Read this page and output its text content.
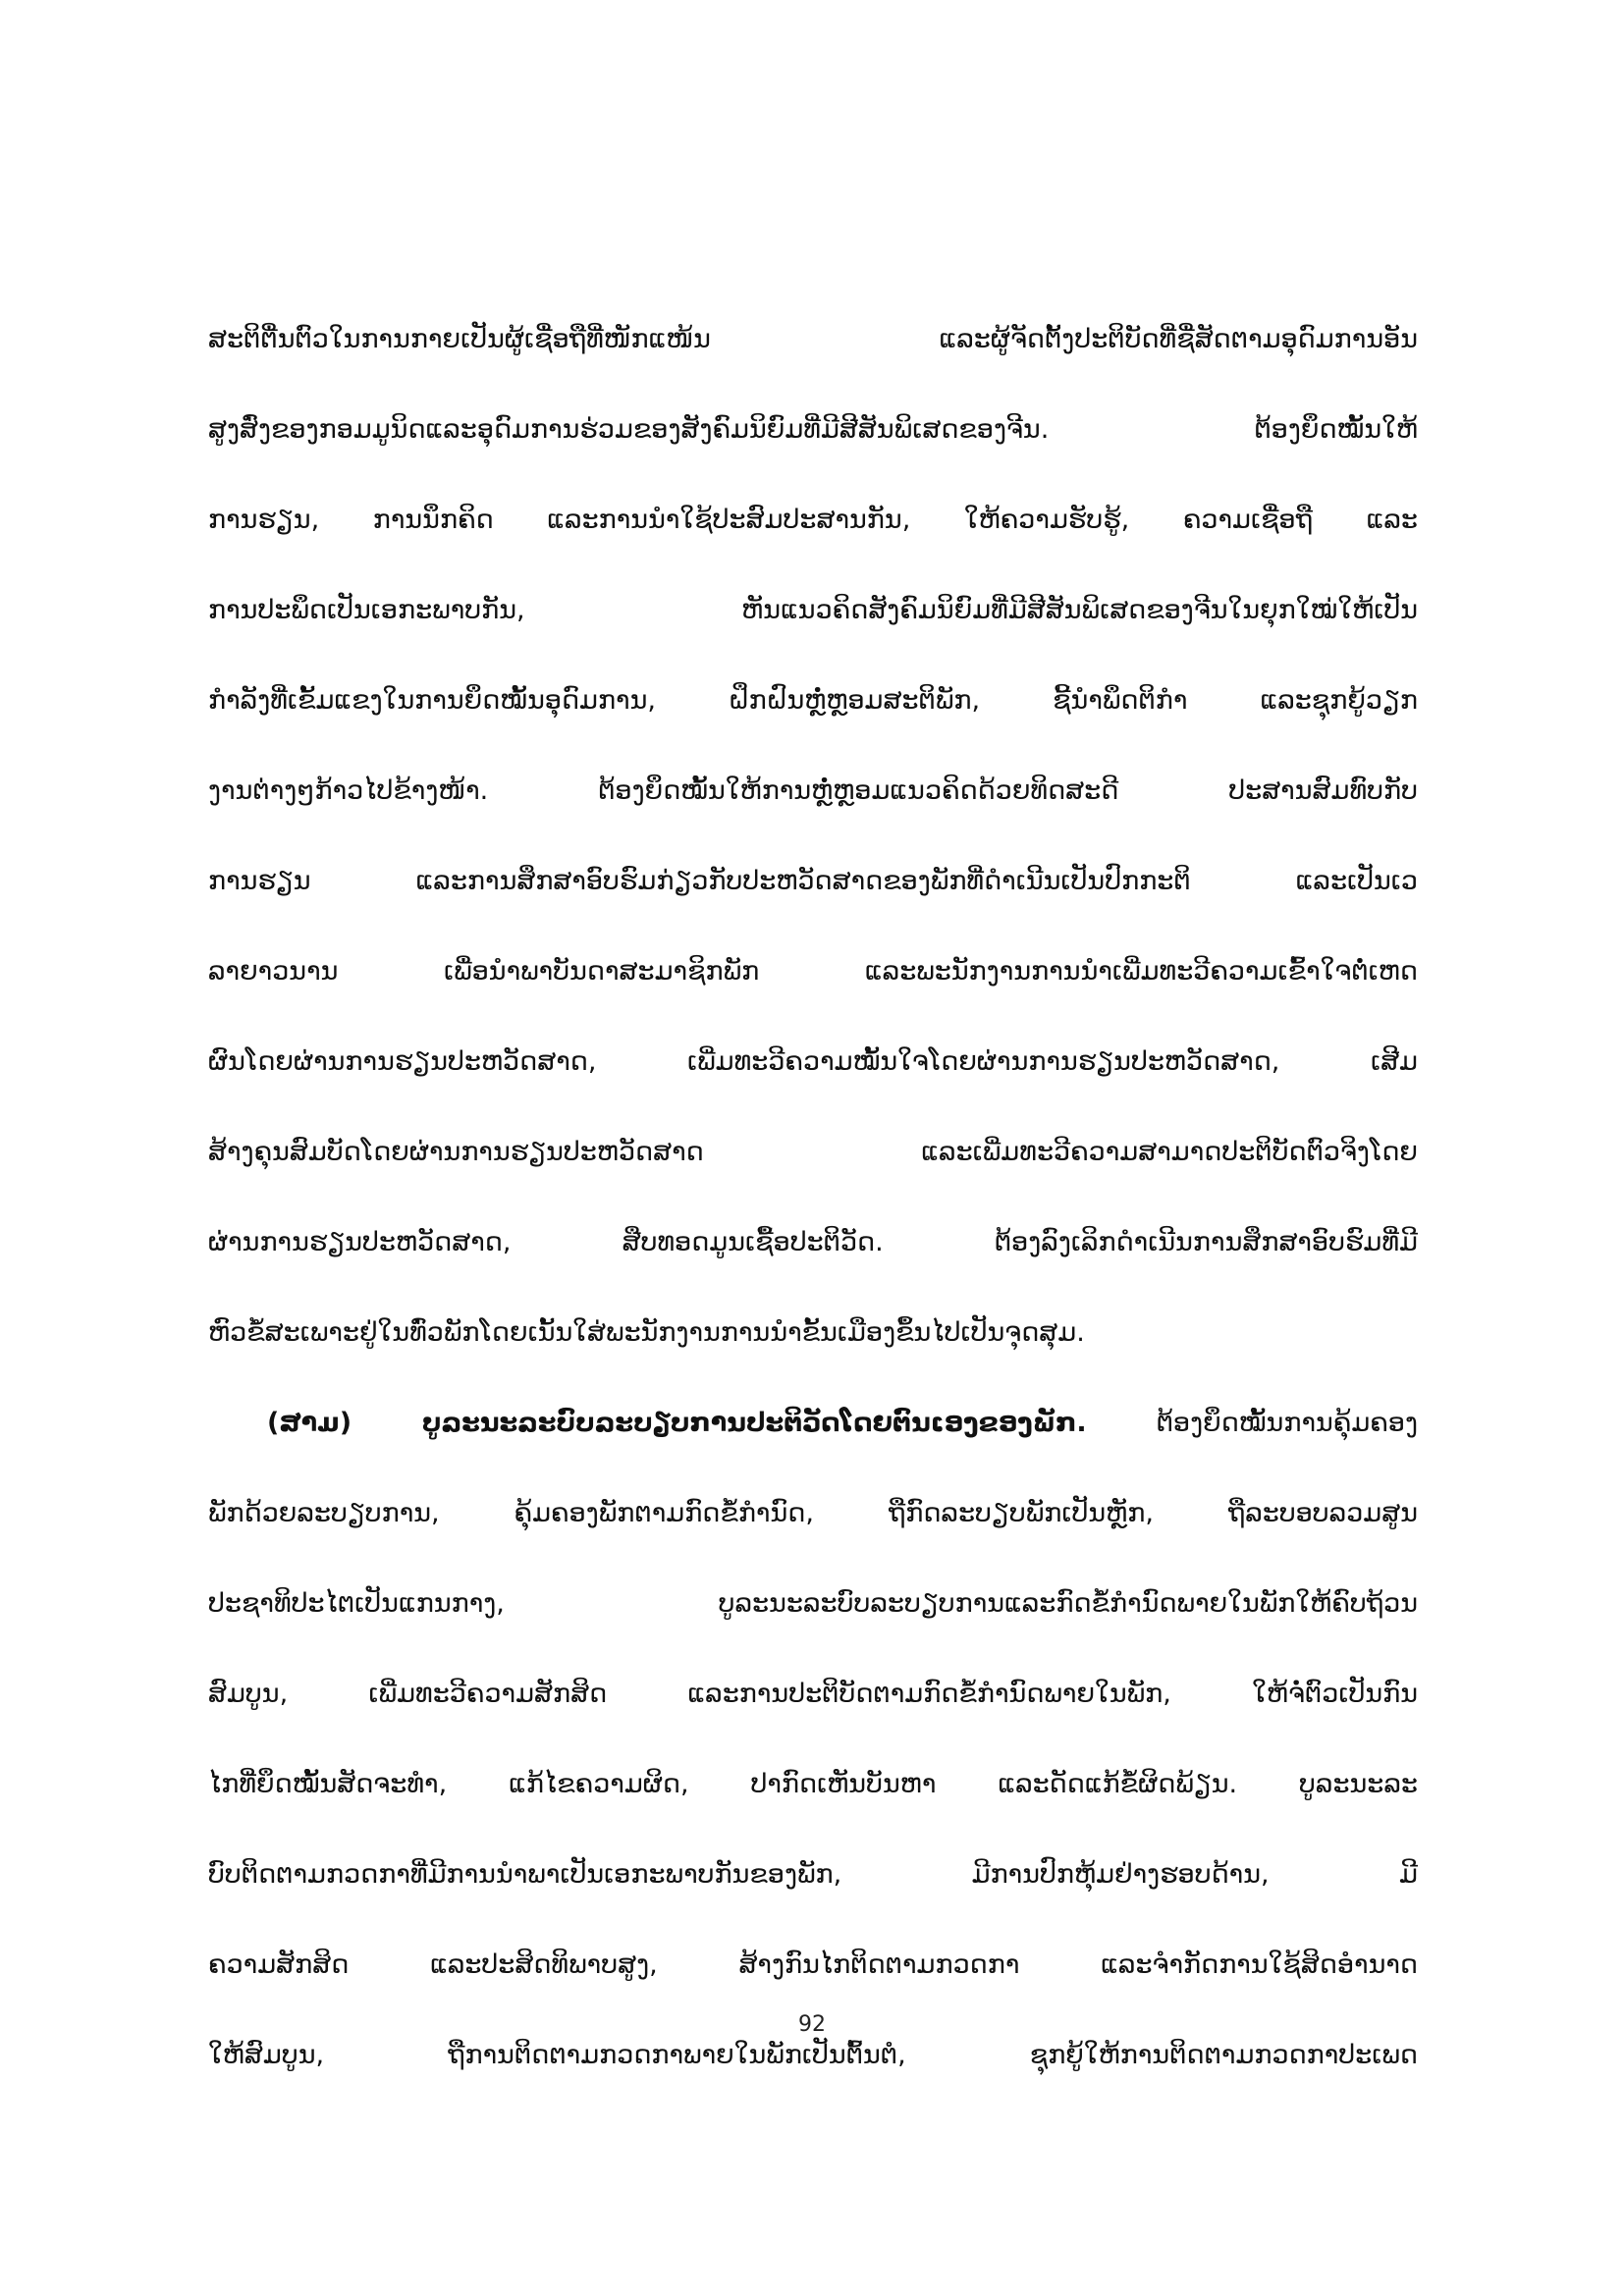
ສະຕິຕື່ນຕົວໃນການກາຍເປັນຜູ້ເຊື່ອຖືທີ່ໜັກແໜ້ນ ແລະຜູ້ຈັດຕັ້ງປະຕິບັດທີ່ຊື່ສັດຕາມອຸດົມການອັນ
ສູງສົ່ງຂອງກອມມູນິດແລະອຸດົມການຮ່ວມຂອງສັງຄົມນິຍົມທີ່ມີສີສັນພິເສດຂອງຈີນ. ຕ້ອງຍຶດໝັ້ນໃຫ້
ການຮຽນ, ການນຶກຄິດ ແລະການນໍາໃຊ້ປະສົມປະສານກັນ, ໃຫ້ຄວາມຮັບຮູ້, ຄວາມເຊື່ອຖື ແລະ
ການປະພຶດເປັນເອກະພາບກັນ, ຫັນແນວຄິດສັງຄົມນິຍົມທີ່ມີສີສັນພິເສດຂອງຈີນໃນຍຸກໃໝ່ໃຫ້ເປັນ
ກໍາລັງທີ່ເຂັ້ມແຂງໃນການຍຶດໝັ້ນອຸດົມການ, ຝຶກຝົນຫຼໍ່ຫຼອມສະຕິພັກ, ຊີ້ນໍາພຶດຕິກໍາ ແລະຊຸກຍູ້ວຽກ
ງານຕ່າງໆກ້າວໄປຂ້າງໜ້າ. ຕ້ອງຍຶດໝັ້ນໃຫ້ການຫຼໍ່ຫຼອມແນວຄິດດ້ວຍທິດສະດີ ປະສານສົມທົບກັບ
ການຮຽນ ແລະການສຶກສາອົບຮົມກ່ຽວກັບປະຫວັດສາດຂອງພັກທີ່ດໍາເນີນເປັນປົກກະຕິ ແລະເປັນເວ
ລາຍາວນານ ເພື່ອນໍາພາບັນດາສະມາຊິກພັກ ແລະພະນັກງານການນໍາເພີ່ມທະວີຄວາມເຂົ້າໃຈຕໍ່ເຫດ
ຜົນໂດຍຜ່ານການຮຽນປະຫວັດສາດ, ເພີ່ມທະວີຄວາມໝັ້ນໃຈໂດຍຜ່ານການຮຽນປະຫວັດສາດ, ເສີມ
ສ້າງຄຸນສົມບັດໂດຍຜ່ານການຮຽນປະຫວັດສາດ ແລະເພີ່ມທະວີຄວາມສາມາດປະຕິບັດຕົວຈິງໂດຍ
ຜ່ານການຮຽນປະຫວັດສາດ, ສືບທອດມູນເຊື້ອປະຕິວັດ. ຕ້ອງລົງເລິກດໍາເນີນການສຶກສາອົບຮົມທີ່ມີ
ຫົວຂໍ້ສະເພາະຢູ່ໃນທົ່ວພັກໂດຍເນັ້ນໃສ່ພະນັກງານການນໍາຂັ້ນເມືອງຂຶ້ນໄປເປັນຈຸດສຸມ.
(ສາມ) ບູລະນະລະບົບລະບຽບການປະຕິວັດໂດຍຕົນເອງຂອງພັກ. ຕ້ອງຍຶດໝັ້ນການຄຸ້ມຄອງ
ພັກດ້ວຍລະບຽບການ, ຄຸ້ມຄອງພັກຕາມກົດຂໍ້ກໍານົດ, ຖືກົດລະບຽບພັກເປັນຫຼັກ, ຖືລະບອບລວມສູນ
ປະຊາທິປະໄຕເປັນແກນກາງ, ບູລະນະລະບົບລະບຽບການແລະກົດຂໍ້ກໍານົດພາຍໃນພັກໃຫ້ຄົບຖ້ວນ
ສົມບູນ, ເພີ່ມທະວີຄວາມສັກສິດ ແລະການປະຕິບັດຕາມກົດຂໍ້ກໍານົດພາຍໃນພັກ, ໃຫ້ຈໍ່ຕົວເປັນກົນ
ໄກທີ່ຍຶດໝັ້ນສັດຈະທໍາ, ແກ້ໄຂຄວາມຜິດ, ປາກົດເຫັນບັນຫາ ແລະດັດແກ້ຂໍ້ຜິດພ້ຽນ. ບູລະນະລະ
ບົບຕິດຕາມກວດກາທີ່ມີການນໍາພາເປັນເອກະພາບກັນຂອງພັກ, ມີການປົກຫຸ້ມຢ່າງຮອບດ້ານ, ມີ
ຄວາມສັກສິດ ແລະປະສິດທິພາບສູງ, ສ້າງກົນໄກຕິດຕາມກວດກາ ແລະຈໍາກັດການໃຊ້ສິດອໍານາດ
ໃຫ້ສົມບູນ, ຖືການຕິດຕາມກວດກາພາຍໃນພັກເປັນຕົ້ນຕໍ, ຊຸກຍູ້ໃຫ້ການຕິດຕາມກວດກາປະເພດ
92
